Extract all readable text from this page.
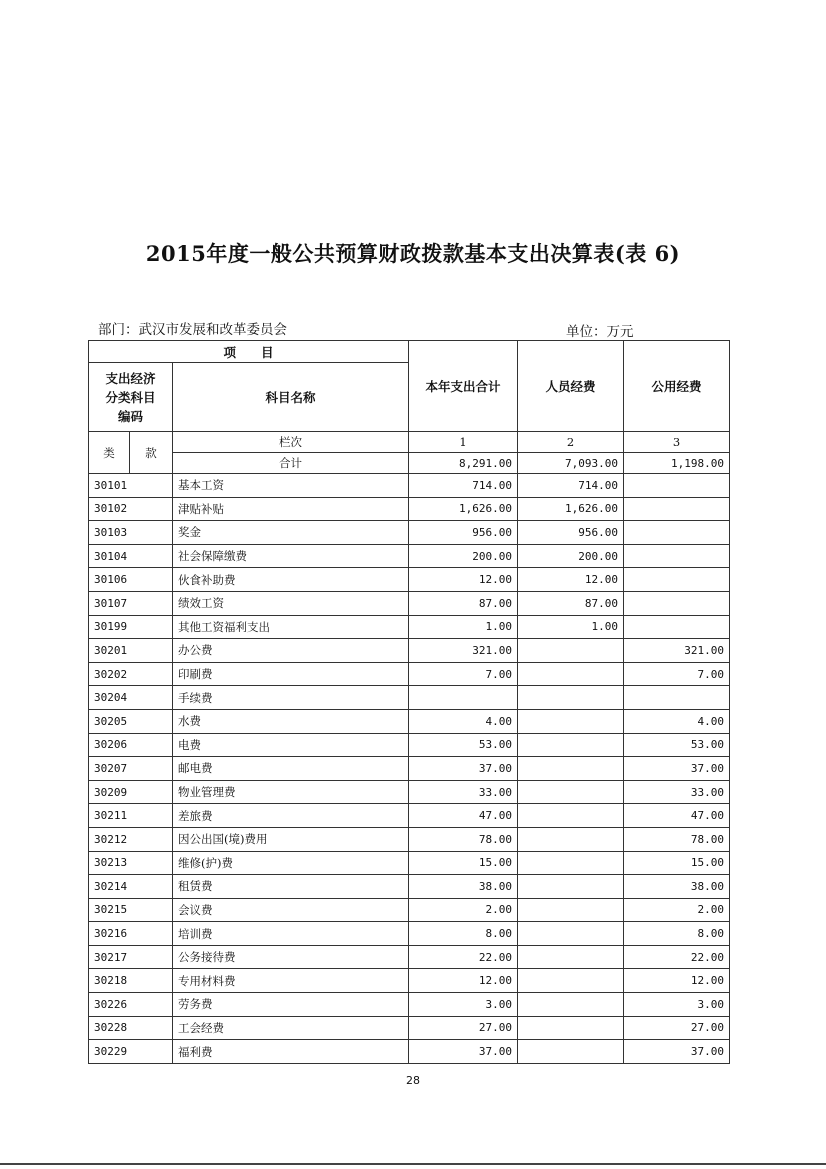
2015年度一般公共预算财政拨款基本支出决算表(表 6)
部门：武汉市发展和改革委员会	单位：万元
项　　目			本年支出合计	人员经费	公用经费
支出经济分类科目编码		科目名称			
类	款	栏次	1	2	3
		合计	8,291.00	7,093.00	1,198.00
30101		基本工资	714.00	714.00	
30102		津贴补贴	1,626.00	1,626.00	
30103		奖金	956.00	956.00	
30104		社会保障缴费	200.00	200.00	
30106		伙食补助费	12.00	12.00	
30107		绩效工资	87.00	87.00	
30199		其他工资福利支出	1.00	1.00	
30201		办公费	321.00		321.00
30202		印刷费	7.00		7.00
30204		手续费			
30205		水费	4.00		4.00
30206		电费	53.00		53.00
30207		邮电费	37.00		37.00
30209		物业管理费	33.00		33.00
30211		差旅费	47.00		47.00
30212		因公出国(境)费用	78.00		78.00
30213		维修(护)费	15.00		15.00
30214		租赁费	38.00		38.00
30215		会议费	2.00		2.00
30216		培训费	8.00		8.00
30217		公务接待费	22.00		22.00
30218		专用材料费	12.00		12.00
30226		劳务费	3.00		3.00
30228		工会经费	27.00		27.00
30229		福利费	37.00		37.00
28
